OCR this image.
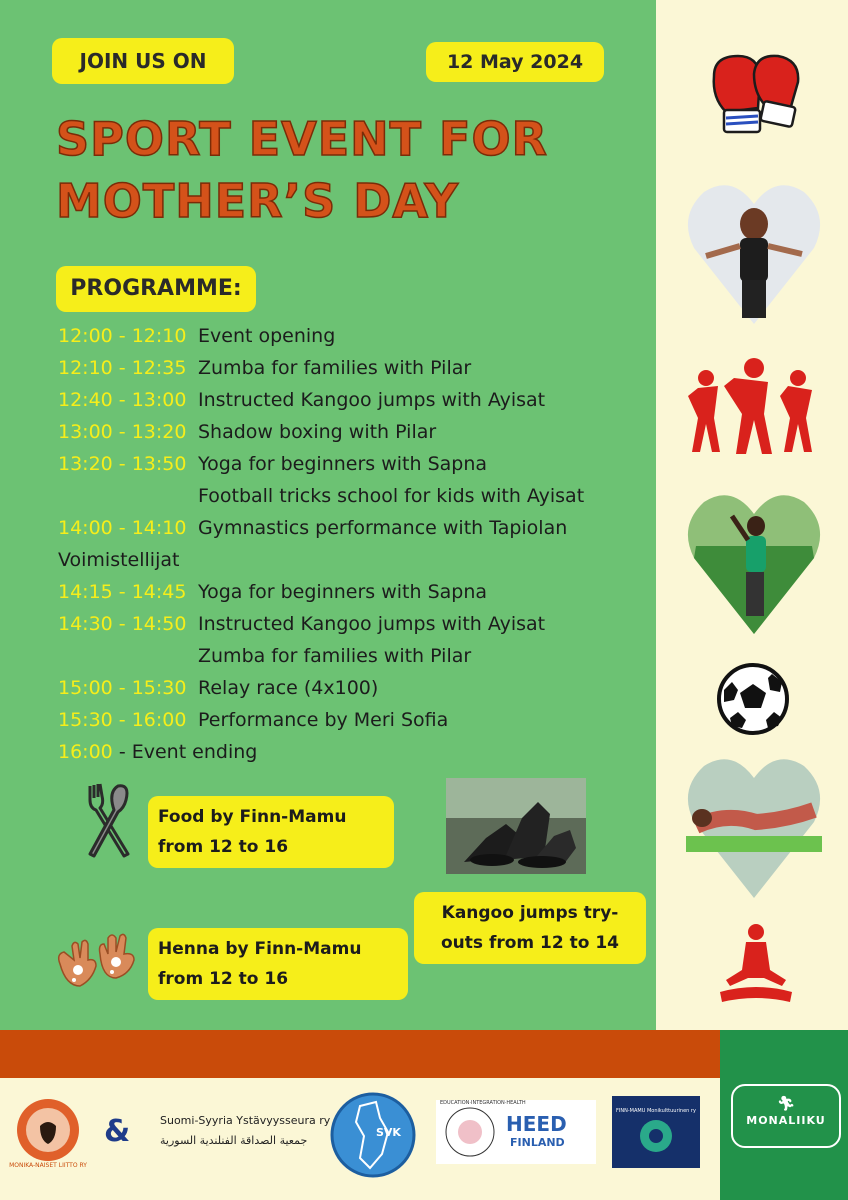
JOIN US ON	12 May 2024
SPORT EVENT FOR
MOTHER’S DAY
PROGRAMME:
12:00 - 12:10 Event opening
12:10 - 12:35 Zumba for families with Pilar
12:40 - 13:00 Instructed Kangoo jumps with Ayisat
13:00 - 13:20 Shadow boxing with Pilar
13:20 - 13:50 Yoga for beginners with Sapna
Football tricks school for kids with Ayisat
14:00 - 14:10 Gymnastics performance with Tapiolan
Voimistellijat
14:15 - 14:45 Yoga for beginners with Sapna
14:30 - 14:50 Instructed Kangoo jumps with Ayisat
Zumba for families with Pilar
15:00 - 15:30 Relay race (4x100)
15:30 - 16:00 Performance by Meri Sofia
16:00 - Event ending
Food by Finn-Mamu
from 12 to 16
Kangoo jumps try-
outs from 12 to 14
Henna by Finn-Mamu
from 12 to 16
MONIKA-NAISET LIITTO RY
&	Suomi-Syyria Ystävyysseura ry
جمعية الصداقة الفنلندية السورية
SVK
EDUCATION·INTEGRATION·HEALTH
HEED
FINLAND
FINN-MAMU Monikulttuurinen ry	🏃︎
MONALIIKU
